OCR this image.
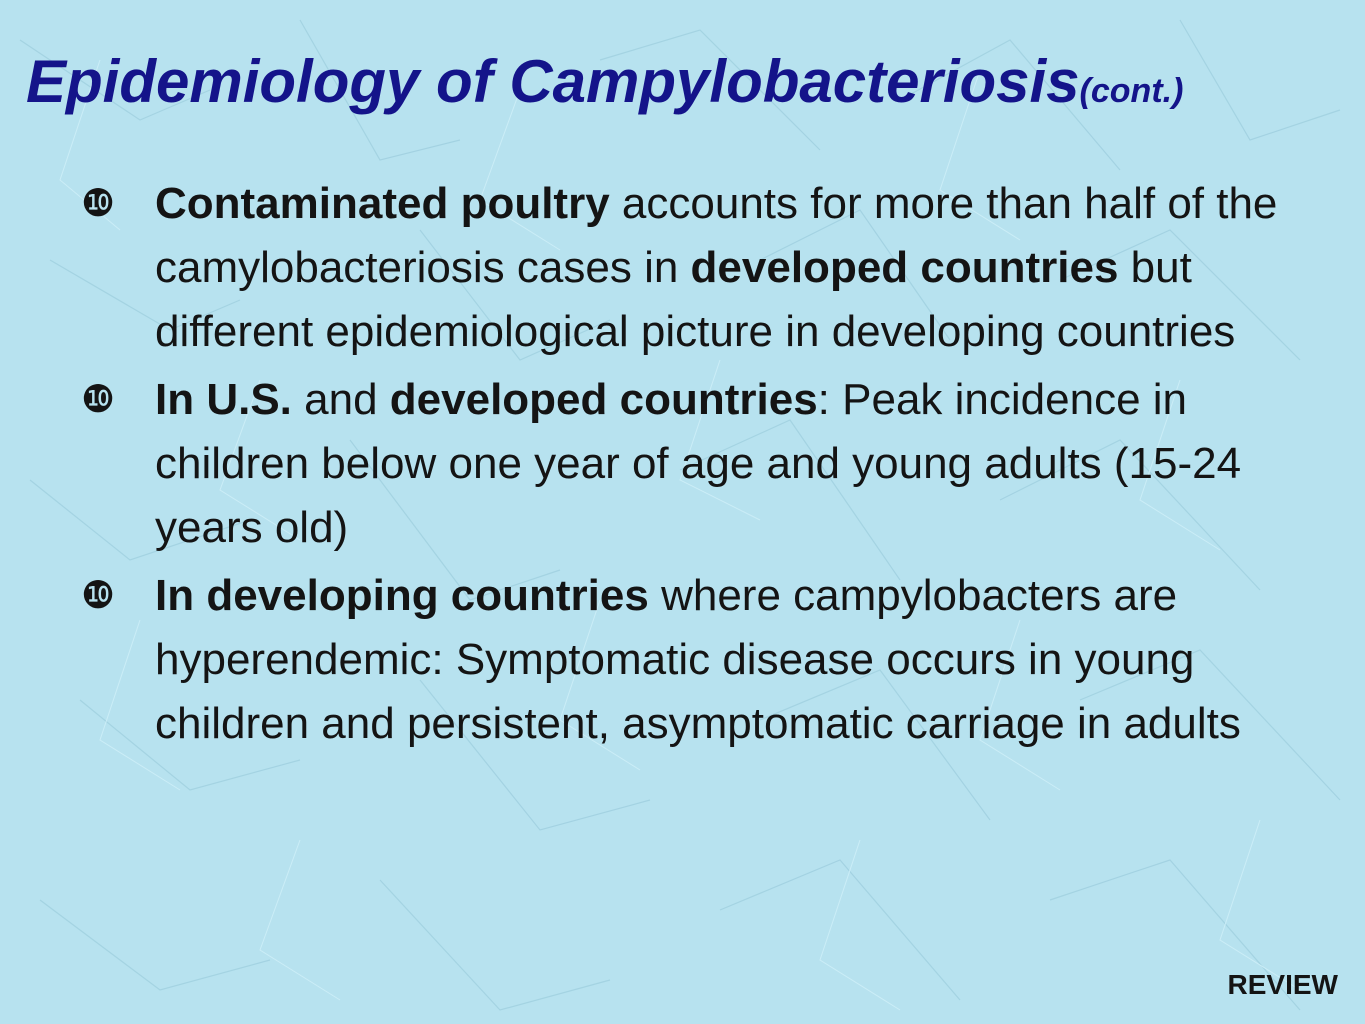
Epidemiology of Campylobacteriosis(cont.)
❿ Contaminated poultry accounts for more than half of the camylobacteriosis cases in developed countries but different epidemiological picture in developing countries
❿ In U.S. and developed countries: Peak incidence in children below one year of age and young adults (15-24 years old)
❿ In developing countries where campylobacters are hyperendemic: Symptomatic disease occurs in young children and persistent, asymptomatic carriage in adults
REVIEW
